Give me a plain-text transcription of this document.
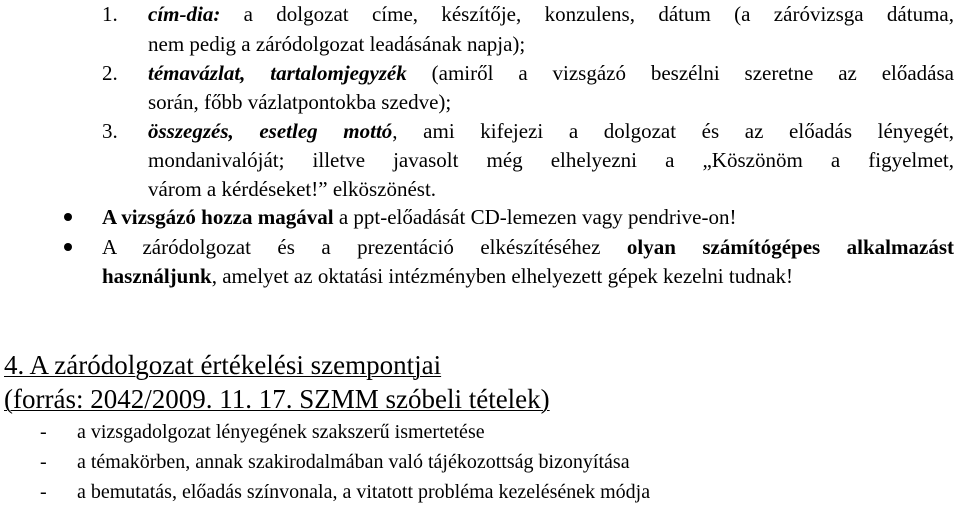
1. cím-dia: a dolgozat címe, készítője, konzulens, dátum (a záróvizsga dátuma,
nem pedig a záródolgozat leadásának napja);
2. témavázlat, tartalomjegyzék (amiről a vizsgázó beszélni szeretne az előadása
során, főbb vázlatpontokba szedve);
3. összegzés, esetleg mottó, ami kifejezi a dolgozat és az előadás lényegét,
mondanivalóját; illetve javasolt még elhelyezni a „Köszönöm a figyelmet,
várom a kérdéseket!” elköszönést.
A vizsgázó hozza magával a ppt-előadását CD-lemezen vagy pendrive-on!
A záródolgozat és a prezentáció elkészítéséhez olyan számítógépes alkalmazást
használjunk, amelyet az oktatási intézményben elhelyezett gépek kezelni tudnak!
4. A záródolgozat értékelési szempontjai
(forrás: 2042/2009. 11. 17. SZMM szóbeli tételek)
- a vizsgadolgozat lényegének szakszerű ismertetése
- a témakörben, annak szakirodalmában való tájékozottság bizonyítása
- a bemutatás, előadás színvonala, a vitatott probléma kezelésének módja
